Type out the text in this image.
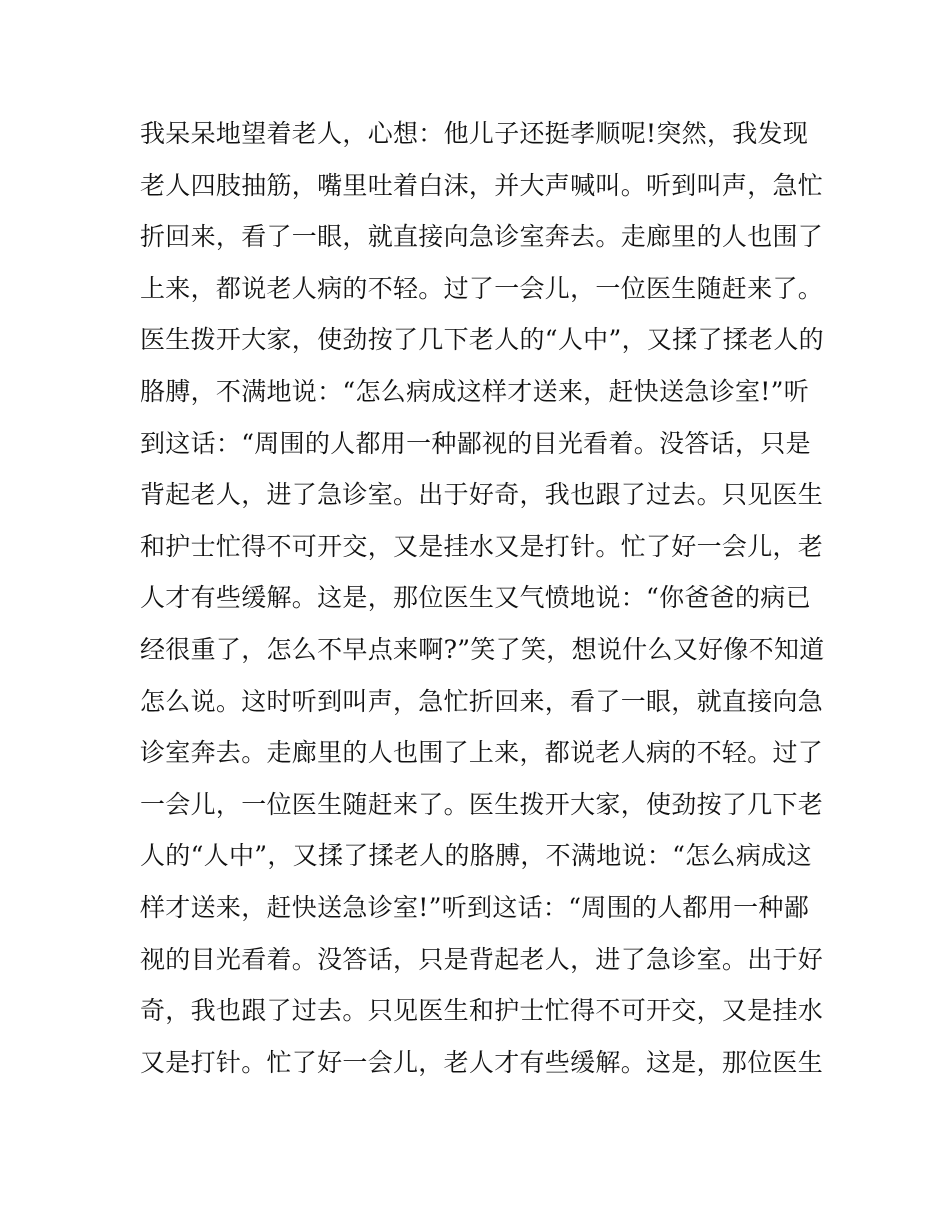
我呆呆地望着老人，心想：他儿子还挺孝顺呢!突然，我发现
老人四肢抽筋，嘴里吐着白沫，并大声喊叫。听到叫声，急忙
折回来，看了一眼，就直接向急诊室奔去。走廊里的人也围了
上来，都说老人病的不轻。过了一会儿，一位医生随赶来了。
医生拨开大家，使劲按了几下老人的“人中”，又揉了揉老人的
胳膊，不满地说：“怎么病成这样才送来，赶快送急诊室!”听
到这话：“周围的人都用一种鄙视的目光看着。没答话，只是
背起老人，进了急诊室。出于好奇，我也跟了过去。只见医生
和护士忙得不可开交，又是挂水又是打针。忙了好一会儿，老
人才有些缓解。这是，那位医生又气愤地说：“你爸爸的病已
经很重了，怎么不早点来啊?”笑了笑，想说什么又好像不知道
怎么说。这时听到叫声，急忙折回来，看了一眼，就直接向急
诊室奔去。走廊里的人也围了上来，都说老人病的不轻。过了
一会儿，一位医生随赶来了。医生拨开大家，使劲按了几下老
人的“人中”，又揉了揉老人的胳膊，不满地说：“怎么病成这
样才送来，赶快送急诊室!”听到这话：“周围的人都用一种鄙
视的目光看着。没答话，只是背起老人，进了急诊室。出于好
奇，我也跟了过去。只见医生和护士忙得不可开交，又是挂水
又是打针。忙了好一会儿，老人才有些缓解。这是，那位医生
